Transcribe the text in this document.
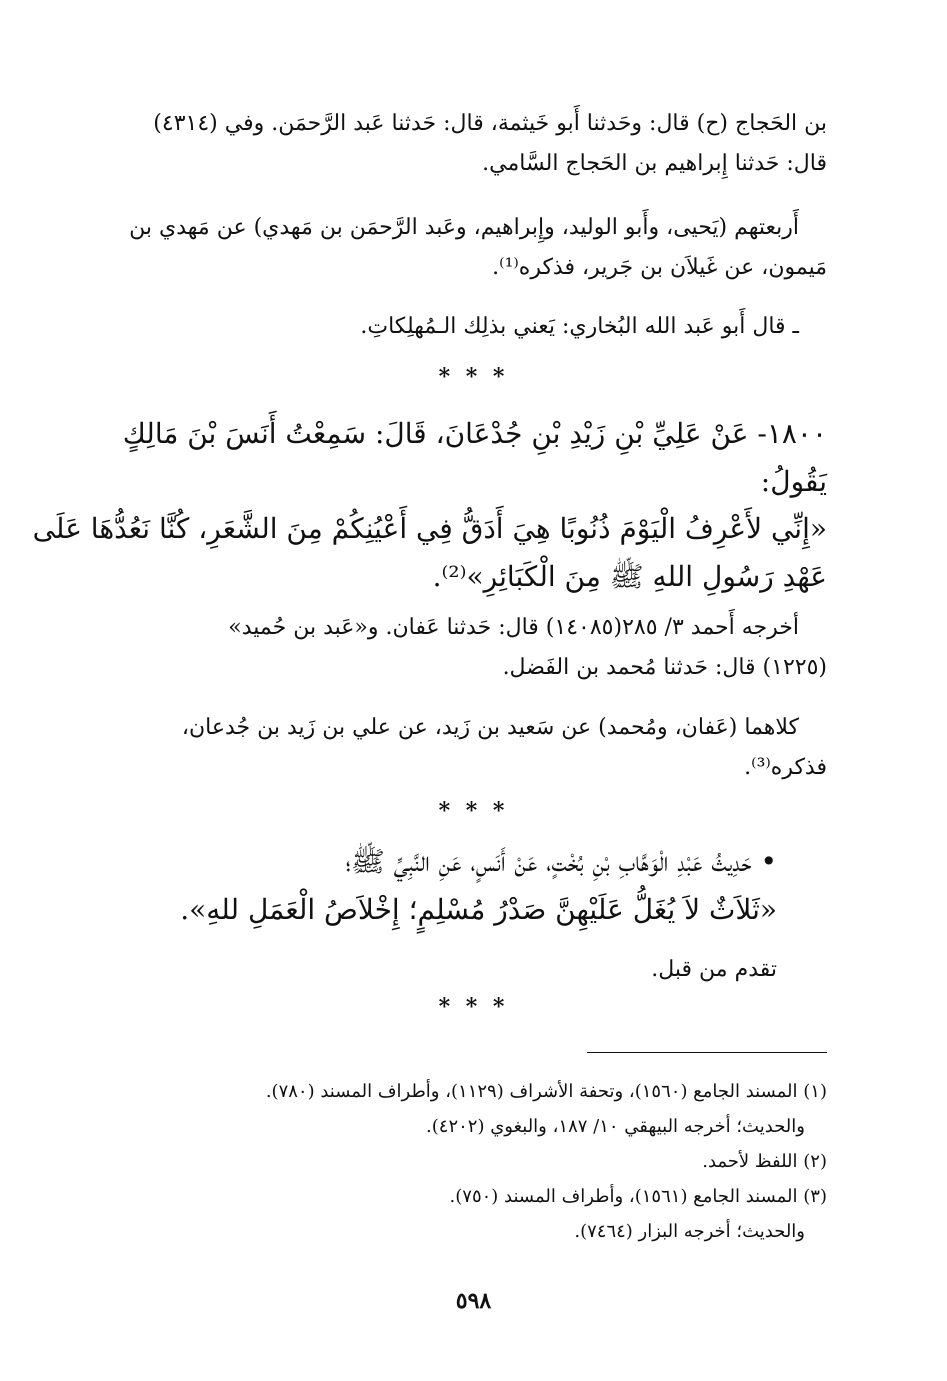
بن الحَجاج (ح) قال: وحَدثنا أَبو خَيثمة، قال: حَدثنا عَبد الرَّحمَن. وفي (٤٣١٤)
قال: حَدثنا إِبراهيم بن الحَجاج السَّامي.
أَربعتهم (يَحيى، وأَبو الوليد، وإِبراهيم، وعَبد الرَّحمَن بن مَهدي) عن مَهدي بن
مَيمون، عن غَيلاَن بن جَرير، فذكره⁽¹⁾.
ـ قال أَبو عَبد الله البُخاري: يَعني بذلِك الـمُهلِكاتِ.
* * *
١٨٠٠- عَنْ عَلِيِّ بْنِ زَيْدِ بْنِ جُدْعَانَ، قَالَ: سَمِعْتُ أَنَسَ بْنَ مَالِكٍ
يَقُولُ:
«إِنِّي لأَعْرِفُ الْيَوْمَ ذُنُوبًا هِيَ أَدَقُّ فِي أَعْيُنِكُمْ مِنَ الشَّعَرِ، كُنَّا نَعُدُّهَا عَلَى
عَهْدِ رَسُولِ اللهِ ﷺ مِنَ الْكَبَائِرِ»⁽²⁾.
أخرجه أَحمد ٣/ ٢٨٥(١٤٠٨٥) قال: حَدثنا عَفان. و«عَبد بن حُميد»
(١٢٢٥) قال: حَدثنا مُحمد بن الفَضل.
كلاهما (عَفان، ومُحمد) عن سَعيد بن زَيد، عن علي بن زَيد بن جُدعان،
فذكره⁽³⁾.
* * *
• حَدِيثُ عَبْدِ الْوَهَّابِ بْنِ بُخْتٍ، عَنْ أَنَسٍ، عَنِ النَّبِيِّ ﷺ؛
«ثَلاَثٌ لاَ يُغَلُّ عَلَيْهِنَّ صَدْرُ مُسْلِمٍ؛ إِخْلاَصُ الْعَمَلِ للهِ».
تقدم من قبل.
* * *
(١) المسند الجامع (١٥٦٠)، وتحفة الأشراف (١١٢٩)، وأطراف المسند (٧٨٠).
والحديث؛ أخرجه البيهقي ١٠/ ١٨٧، والبغوي (٤٢٠٢).
(٢) اللفظ لأحمد.
(٣) المسند الجامع (١٥٦١)، وأطراف المسند (٧٥٠).
والحديث؛ أخرجه البزار (٧٤٦٤).
٥٩٨
